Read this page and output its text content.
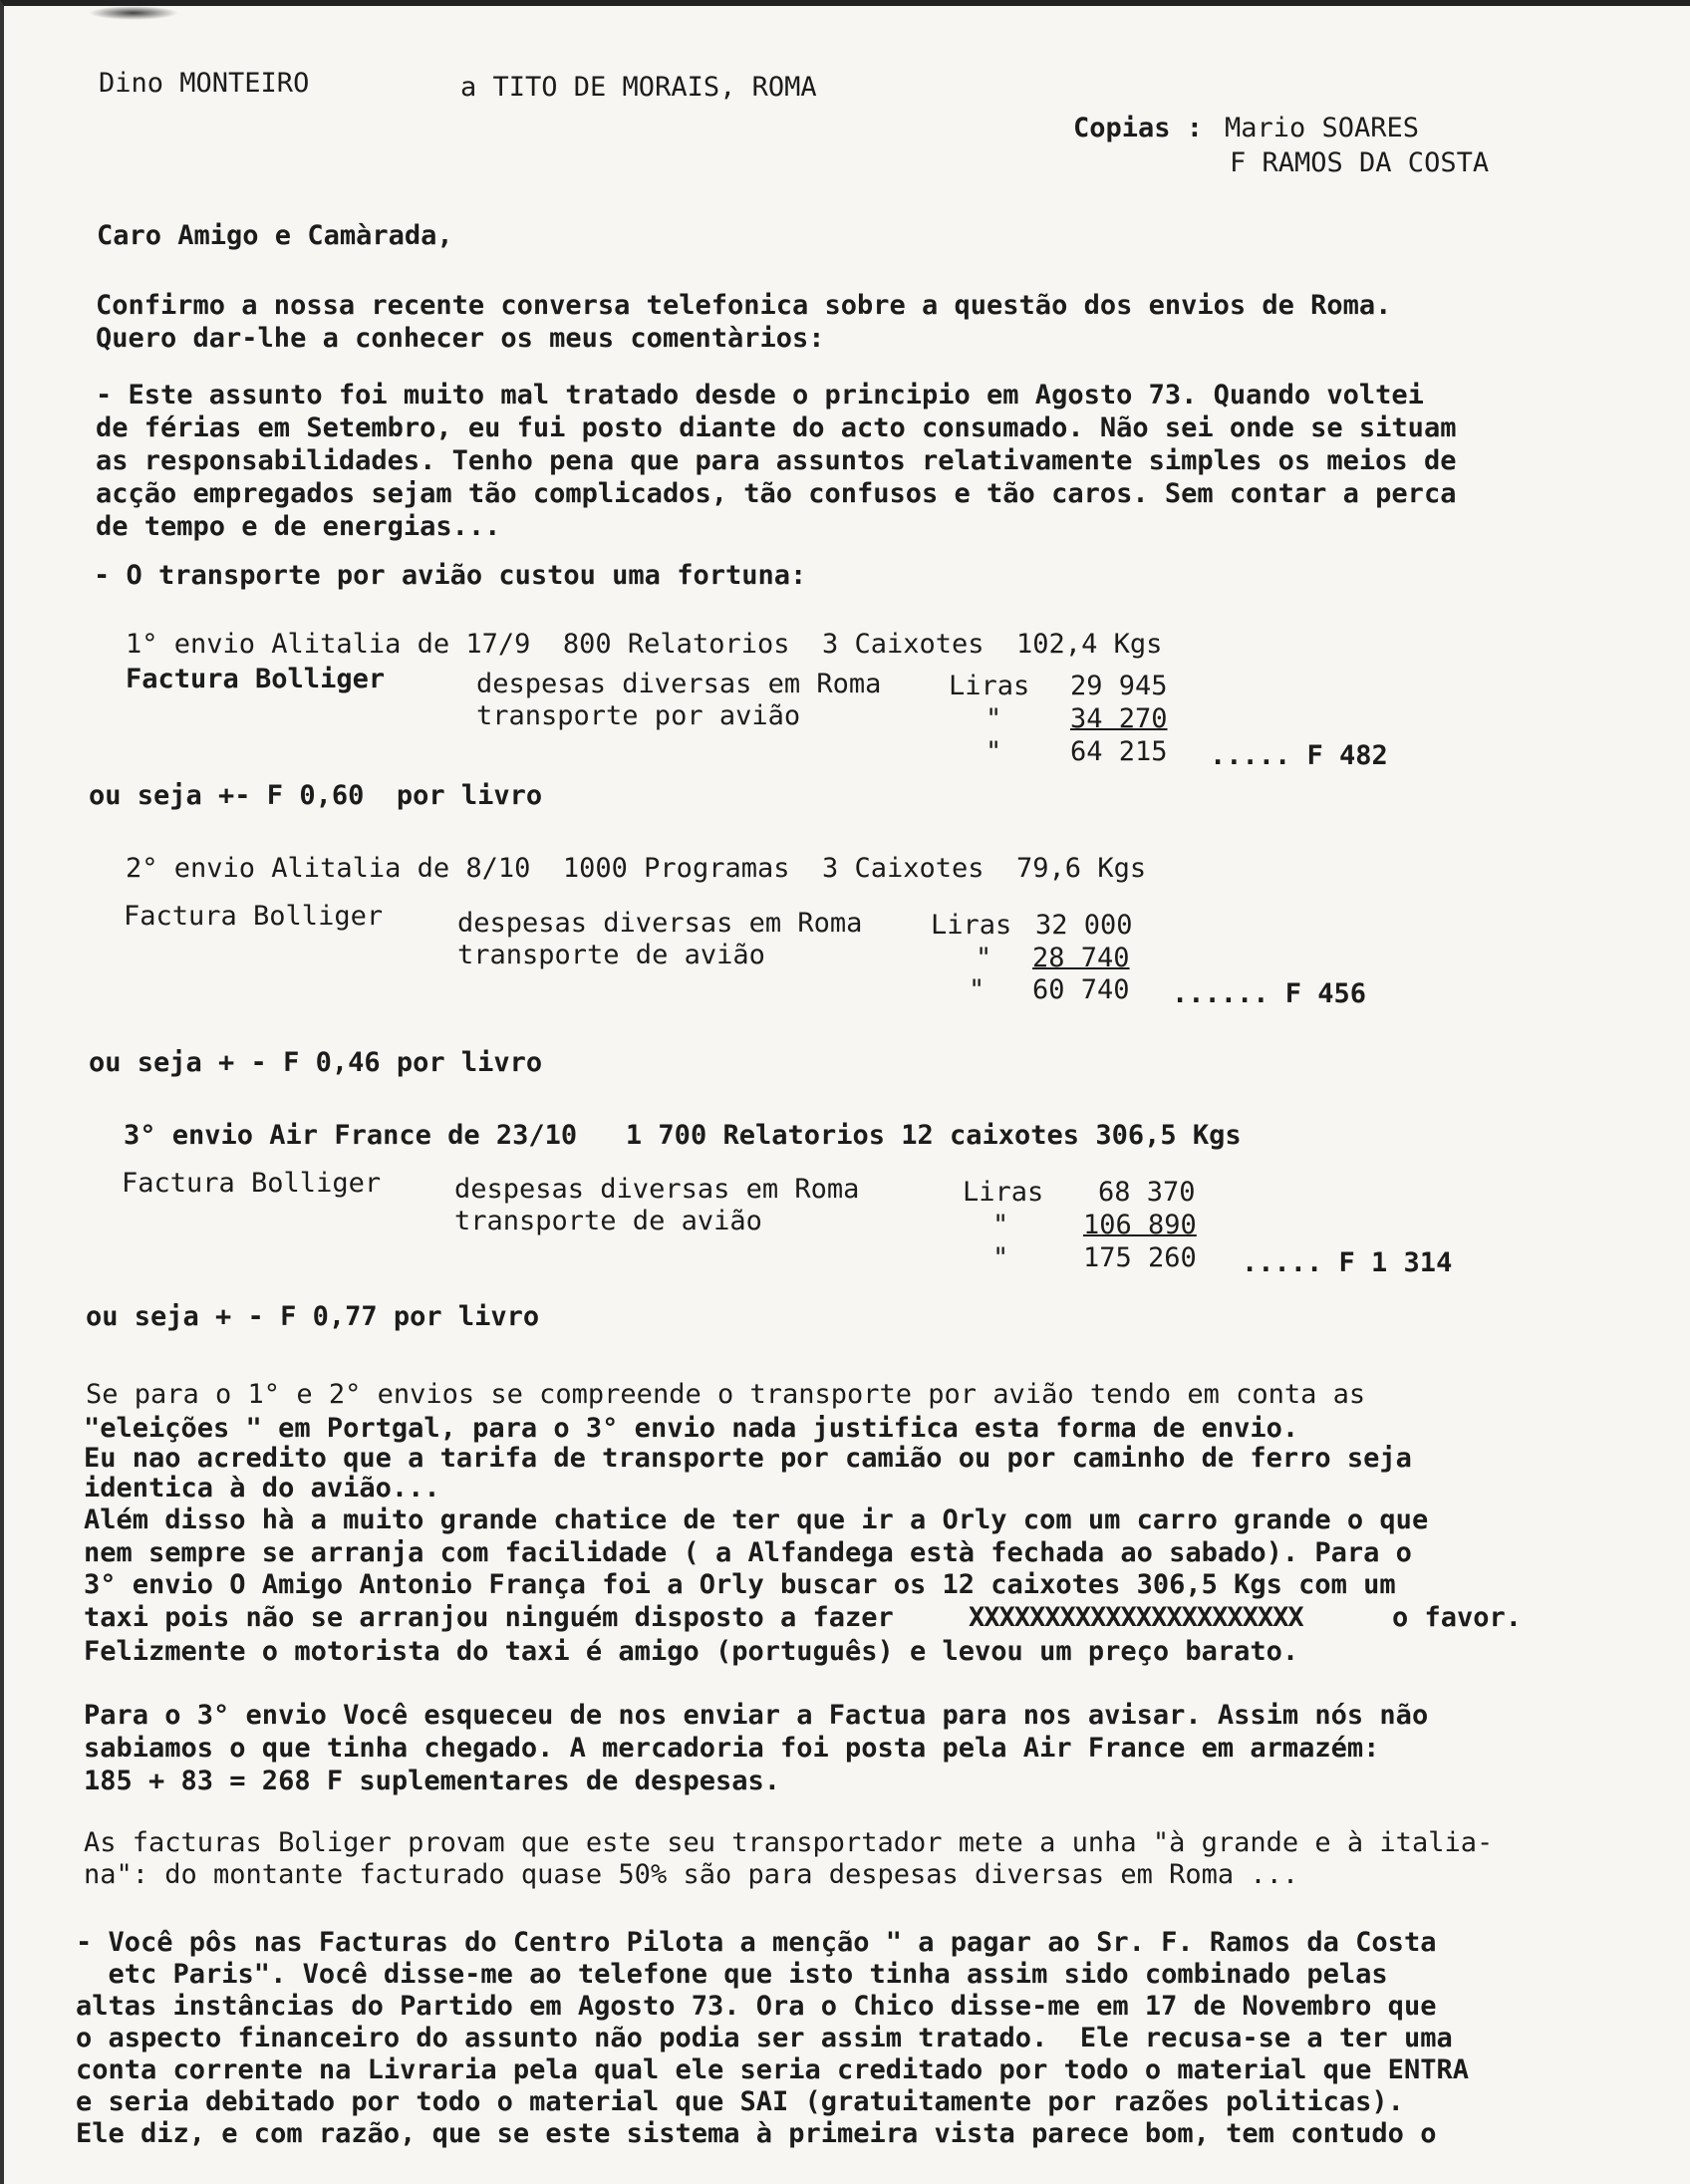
Dino MONTEIRO	a TITO DE MORAIS, ROMA
Copias : Mario SOARES
F RAMOS DA COSTA
Caro Amigo e Camàrada,
Confirmo a nossa recente conversa telefonica sobre a questão dos envios de Roma.
Quero dar-lhe a conhecer os meus comentàrios:
- Este assunto foi muito mal tratado desde o principio em Agosto 73. Quando voltei
de férias em Setembro, eu fui posto diante do acto consumado. Não sei onde se situam
as responsabilidades. Tenho pena que para assuntos relativamente simples os meios de
acção empregados sejam tão complicados, tão confusos e tão caros. Sem contar a perca
de tempo e de energias...
- O transporte por avião custou uma fortuna:
1° envio Alitalia de 17/9  800 Relatorios  3 Caixotes  102,4 Kgs
Factura Bolliger	despesas diversas em Roma	Liras 29 945
transporte por avião	"	34 270
"	64 215 ..... F 482
ou seja +- F 0,60  por livro
2° envio Alitalia de 8/10  1000 Programas  3 Caixotes  79,6 Kgs
Factura Bolliger	despesas diversas em Roma	Liras 32 000
transporte de avião	" 28 740
" 60 740 ...... F 456
ou seja + - F 0,46 por livro
3° envio Air France de 23/10   1 700 Relatorios 12 caixotes 306,5 Kgs
Factura Bolliger	despesas diversas em Roma	Liras 68 370
transporte de avião	"	106 890
"	175 260 ..... F 1 314
ou seja + - F 0,77 por livro
Se para o 1° e 2° envios se compreende o transporte por avião tendo em conta as
"eleições " em Portgal, para o 3° envio nada justifica esta forma de envio.
Eu nao acredito que a tarifa de transporte por camião ou por caminho de ferro seja
identica à do avião...
Além disso hà a muito grande chatice de ter que ir a Orly com um carro grande o que
nem sempre se arranja com facilidade ( a Alfandega està fechada ao sabado). Para o
3° envio O Amigo Antonio França foi a Orly buscar os 12 caixotes 306,5 Kgs com um
taxi pois não se arranjou ninguém disposto a fazer	XXXXXXXXXXXXXXXXXXXXXX	o favor.
Felizmente o motorista do taxi é amigo (português) e levou um preço barato.
Para o 3° envio Você esqueceu de nos enviar a Factua para nos avisar. Assim nós não
sabiamos o que tinha chegado. A mercadoria foi posta pela Air France em armazém:
185 + 83 = 268 F suplementares de despesas.
As facturas Boliger provam que este seu transportador mete a unha "à grande e à italia-
na": do montante facturado quase 50% são para despesas diversas em Roma ...
- Você pôs nas Facturas do Centro Pilota a menção " a pagar ao Sr. F. Ramos da Costa
etc Paris". Você disse-me ao telefone que isto tinha assim sido combinado pelas
altas instâncias do Partido em Agosto 73. Ora o Chico disse-me em 17 de Novembro que
o aspecto financeiro do assunto não podia ser assim tratado.  Ele recusa-se a ter uma
conta corrente na Livraria pela qual ele seria creditado por todo o material que ENTRA
e seria debitado por todo o material que SAI (gratuitamente por razões politicas).
Ele diz, e com razão, que se este sistema à primeira vista parece bom, tem contudo o
